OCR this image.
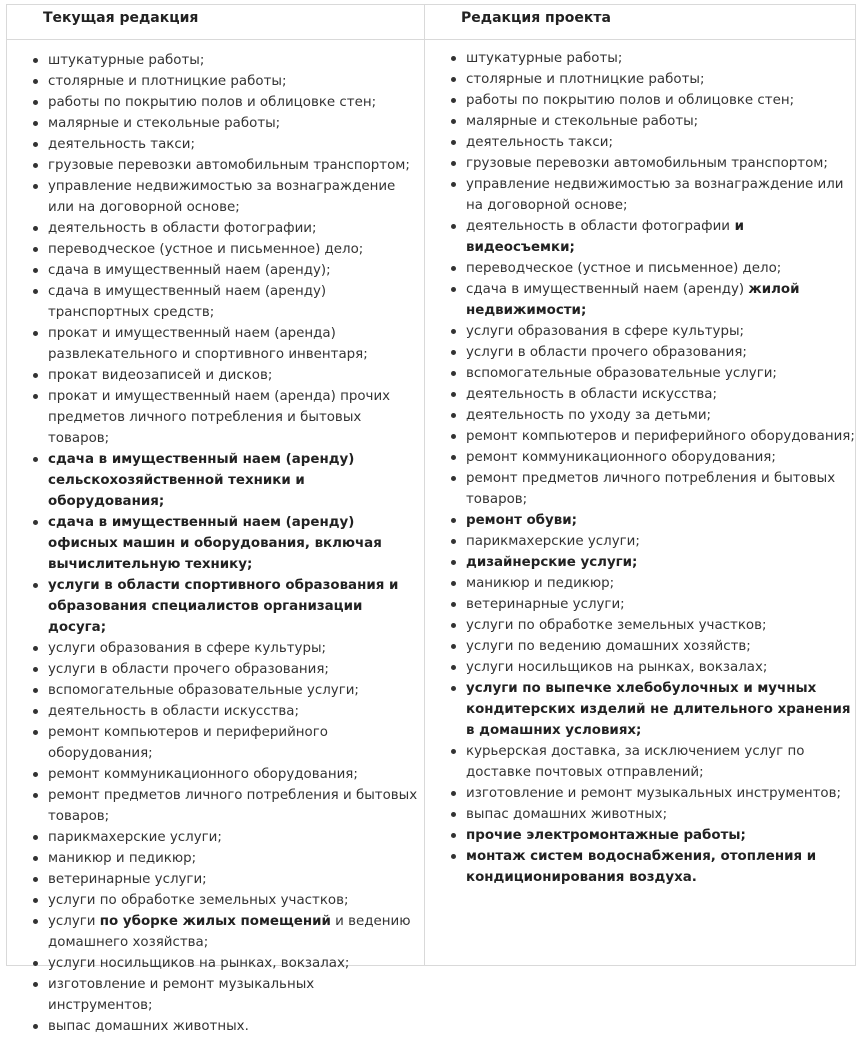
Текущая редакция	Редакция проекта
штукатурные работы;
столярные и плотницкие работы;
работы по покрытию полов и облицовке стен;
малярные и стекольные работы;
деятельность такси;
грузовые перевозки автомобильным транспортом;
управление недвижимостью за вознаграждение или на договорной основе;
деятельность в области фотографии;
переводческое (устное и письменное) дело;
сдача в имущественный наем (аренду);
сдача в имущественный наем (аренду) транспортных средств;
прокат и имущественный наем (аренда) развлекательного и спортивного инвентаря;
прокат видеозаписей и дисков;
прокат и имущественный наем (аренда) прочих предметов личного потребления и бытовых товаров;
сдача в имущественный наем (аренду) сельскохозяйственной техники и оборудования;
сдача в имущественный наем (аренду) офисных машин и оборудования, включая вычислительную технику;
услуги в области спортивного образования и образования специалистов организации досуга;
услуги образования в сфере культуры;
услуги в области прочего образования;
вспомогательные образовательные услуги;
деятельность в области искусства;
ремонт компьютеров и периферийного оборудования;
ремонт коммуникационного оборудования;
ремонт предметов личного потребления и бытовых товаров;
парикмахерские услуги;
маникюр и педикюр;
ветеринарные услуги;
услуги по обработке земельных участков;
услуги по уборке жилых помещений и ведению домашнего хозяйства;
услуги носильщиков на рынках, вокзалах;
изготовление и ремонт музыкальных инструментов;
выпас домашних животных.
штукатурные работы;
столярные и плотницкие работы;
работы по покрытию полов и облицовке стен;
малярные и стекольные работы;
деятельность такси;
грузовые перевозки автомобильным транспортом;
управление недвижимостью за вознаграждение или на договорной основе;
деятельность в области фотографии и видеосъемки;
переводческое (устное и письменное) дело;
сдача в имущественный наем (аренду) жилой недвижимости;
услуги образования в сфере культуры;
услуги в области прочего образования;
вспомогательные образовательные услуги;
деятельность в области искусства;
деятельность по уходу за детьми;
ремонт компьютеров и периферийного оборудования;
ремонт коммуникационного оборудования;
ремонт предметов личного потребления и бытовых товаров;
ремонт обуви;
парикмахерские услуги;
дизайнерские услуги;
маникюр и педикюр;
ветеринарные услуги;
услуги по обработке земельных участков;
услуги по ведению домашних хозяйств;
услуги носильщиков на рынках, вокзалах;
услуги по выпечке хлебобулочных и мучных кондитерских изделий не длительного хранения в домашних условиях;
курьерская доставка, за исключением услуг по доставке почтовых отправлений;
изготовление и ремонт музыкальных инструментов;
выпас домашних животных;
прочие электромонтажные работы;
монтаж систем водоснабжения, отопления и кондиционирования воздуха.
